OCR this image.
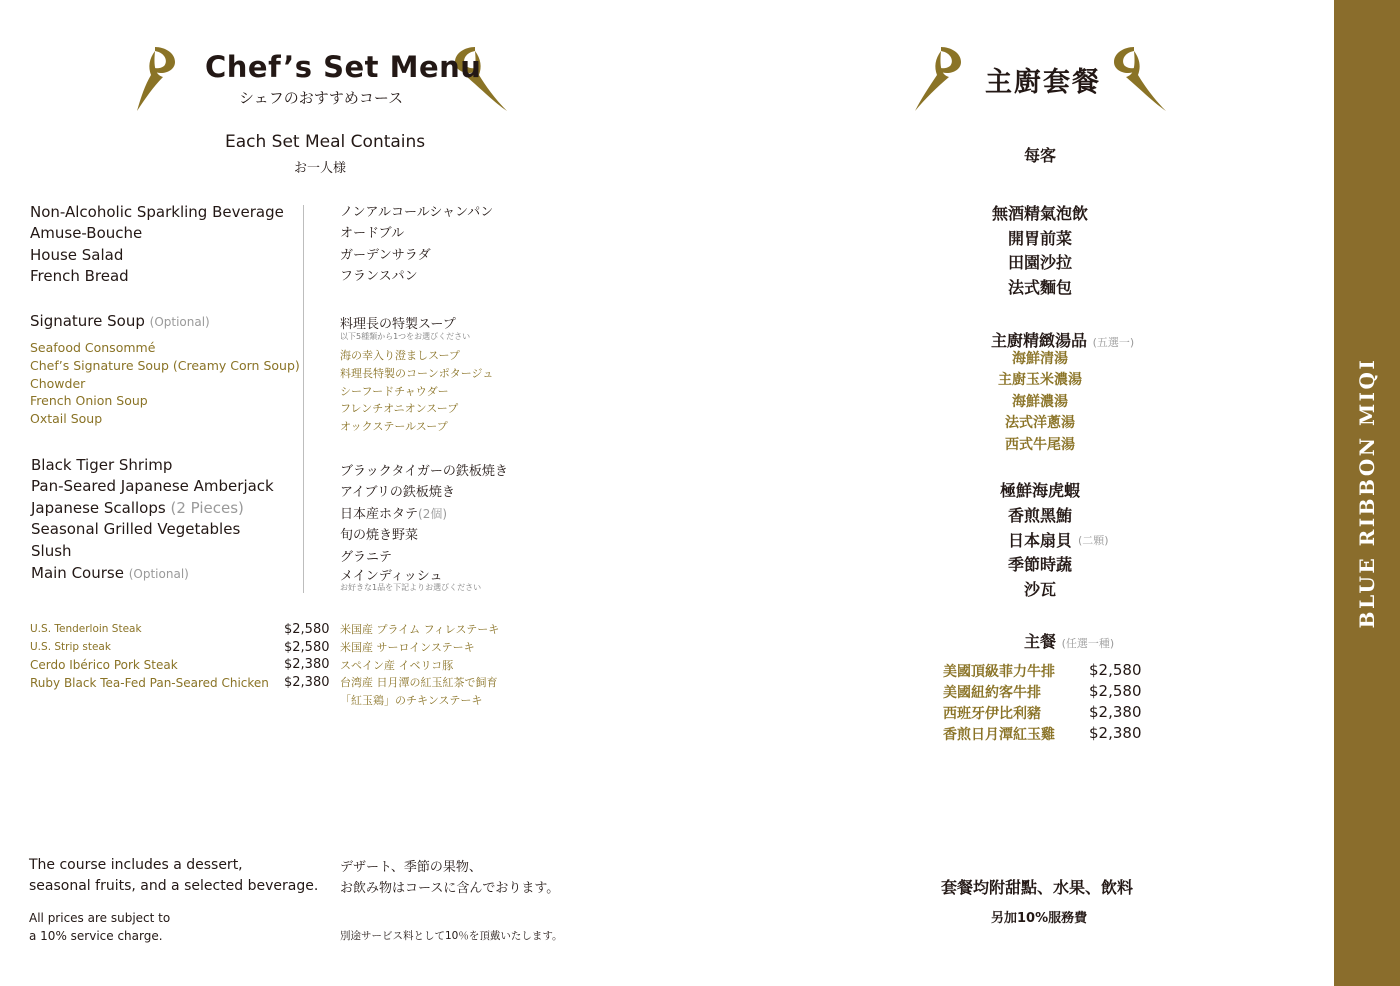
Chef’s Set Menu
シェフのおすすめコース
Each Set Meal Contains
お一人様
Non-Alcoholic Sparkling Beverage
Amuse-Bouche
House Salad
French Bread
Signature Soup (Optional)
Seafood Consommé
Chef’s Signature Soup (Creamy Corn Soup)
Chowder
French Onion Soup
Oxtail Soup
Black Tiger Shrimp
Pan-Seared Japanese Amberjack
Japanese Scallops (2 Pieces)
Seasonal Grilled Vegetables
Slush
Main Course (Optional)
U.S. Tenderloin Steak	$2,580
U.S. Strip steak	$2,580
Cerdo Ibérico Pork Steak	$2,380
Ruby Black Tea-Fed Pan-Seared Chicken $2,380
The course includes a dessert,
seasonal fruits, and a selected beverage.
All prices are subject to
a 10% service charge.
ノンアルコールシャンパン
オードブル
ガーデンサラダ
フランスパン
料理長の特製スープ
以下5種類から1つをお選びください
海の幸入り澄ましスープ
料理長特製のコーンポタージュ
シーフードチャウダー
フレンチオニオンスープ
オックステールスープ
ブラックタイガーの鉄板焼き
アイブリの鉄板焼き
日本産ホタテ(2個)
旬の焼き野菜
グラニテ
メインディッシュ
お好きな1品を下記よりお選びください
米国産 プライム フィレステーキ
米国産 サーロインステーキ
スペイン産 イベリコ豚
台湾産 日月潭の紅玉紅茶で飼育
「紅玉鶏」のチキンステーキ
デザート、季節の果物、
お飲み物はコースに含んでおります。
別途サービス料として10％を頂戴いたします。
主廚套餐
每客
無酒精氣泡飲
開胃前菜
田園沙拉
法式麵包
主廚精緻湯品 (五選一)
海鮮清湯
主廚玉米濃湯
海鮮濃湯
法式洋蔥湯
西式牛尾湯
極鮮海虎蝦
香煎黑鮪
日本扇貝 (二顆)
季節時蔬
沙瓦
主餐 (任選一種)
美國頂級菲力牛排 $2,580
美國紐約客牛排	$2,580
西班牙伊比利豬	$2,380
香煎日月潭紅玉雞 $2,380
套餐均附甜點、水果、飲料
另加10%服務費
BLUE RIBBON MIQI
